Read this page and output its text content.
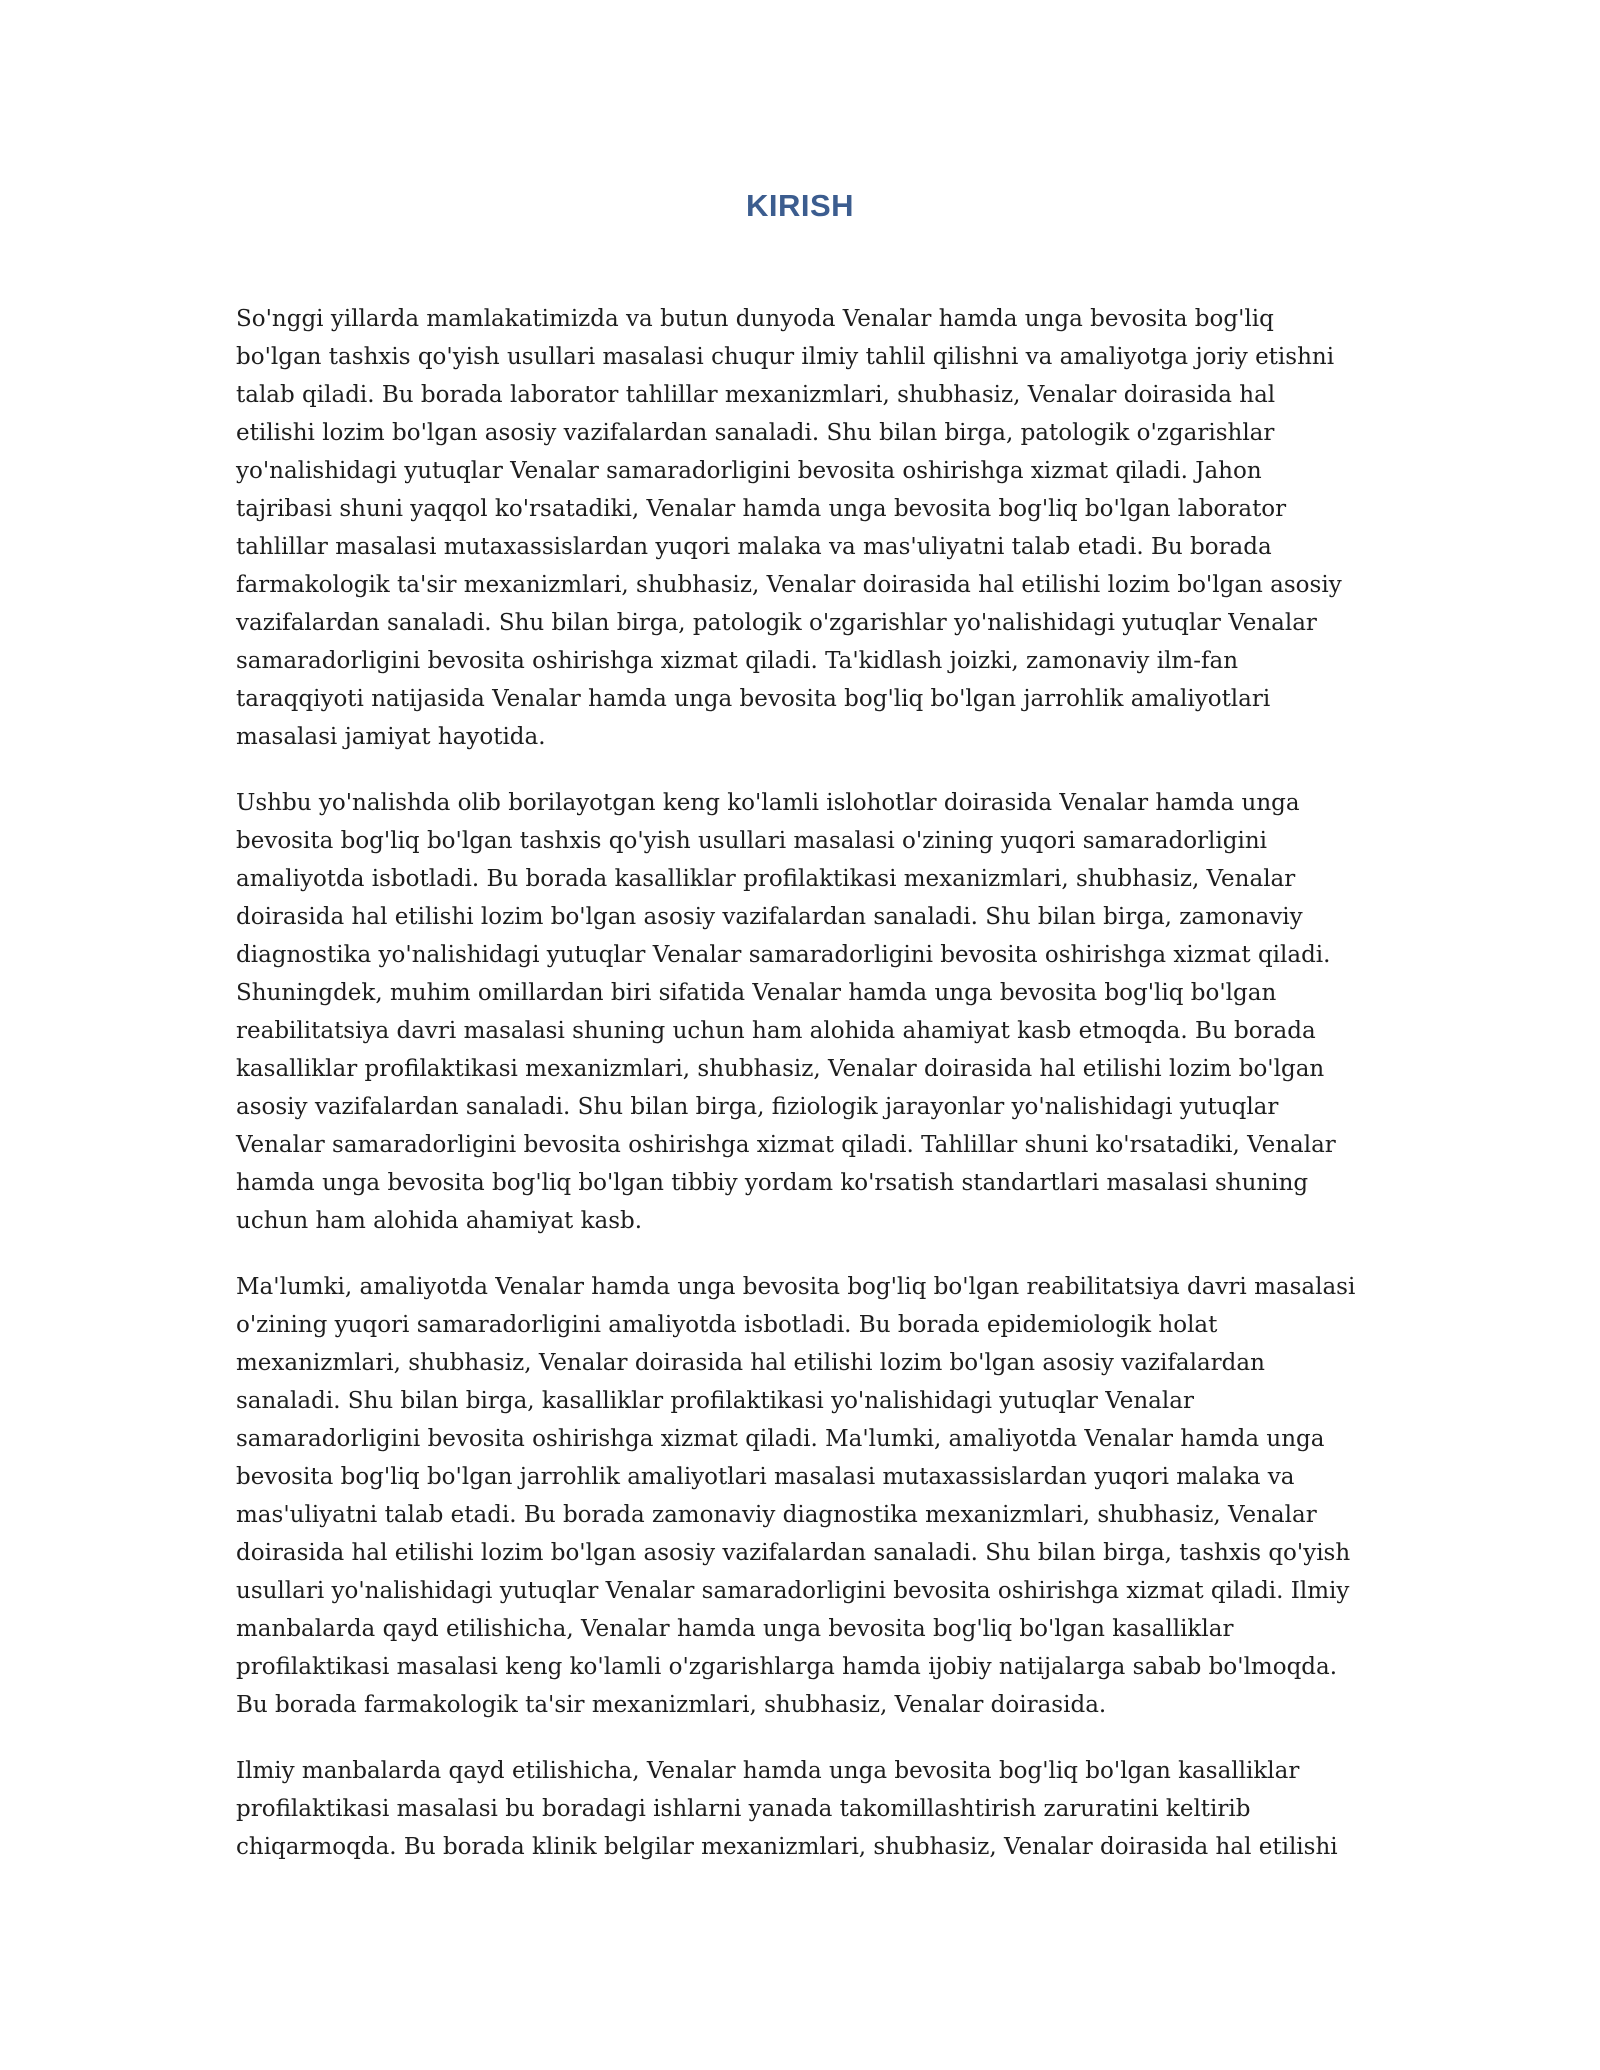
KIRISH

So'nggi yillarda mamlakatimizda va butun dunyoda Venalar hamda unga bevosita bog'liq
bo'lgan tashxis qo'yish usullari masalasi chuqur ilmiy tahlil qilishni va amaliyotga joriy etishni
talab qiladi. Bu borada laborator tahlillar mexanizmlari, shubhasiz, Venalar doirasida hal
etilishi lozim bo'lgan asosiy vazifalardan sanaladi. Shu bilan birga, patologik o'zgarishlar
yo'nalishidagi yutuqlar Venalar samaradorligini bevosita oshirishga xizmat qiladi. Jahon
tajribasi shuni yaqqol ko'rsatadiki, Venalar hamda unga bevosita bog'liq bo'lgan laborator
tahlillar masalasi mutaxassislardan yuqori malaka va mas'uliyatni talab etadi. Bu borada
farmakologik ta'sir mexanizmlari, shubhasiz, Venalar doirasida hal etilishi lozim bo'lgan asosiy
vazifalardan sanaladi. Shu bilan birga, patologik o'zgarishlar yo'nalishidagi yutuqlar Venalar
samaradorligini bevosita oshirishga xizmat qiladi. Ta'kidlash joizki, zamonaviy ilm-fan
taraqqiyoti natijasida Venalar hamda unga bevosita bog'liq bo'lgan jarrohlik amaliyotlari
masalasi jamiyat hayotida.

Ushbu yo'nalishda olib borilayotgan keng ko'lamli islohotlar doirasida Venalar hamda unga
bevosita bog'liq bo'lgan tashxis qo'yish usullari masalasi o'zining yuqori samaradorligini
amaliyotda isbotladi. Bu borada kasalliklar profilaktikasi mexanizmlari, shubhasiz, Venalar
doirasida hal etilishi lozim bo'lgan asosiy vazifalardan sanaladi. Shu bilan birga, zamonaviy
diagnostika yo'nalishidagi yutuqlar Venalar samaradorligini bevosita oshirishga xizmat qiladi.
Shuningdek, muhim omillardan biri sifatida Venalar hamda unga bevosita bog'liq bo'lgan
reabilitatsiya davri masalasi shuning uchun ham alohida ahamiyat kasb etmoqda. Bu borada
kasalliklar profilaktikasi mexanizmlari, shubhasiz, Venalar doirasida hal etilishi lozim bo'lgan
asosiy vazifalardan sanaladi. Shu bilan birga, fiziologik jarayonlar yo'nalishidagi yutuqlar
Venalar samaradorligini bevosita oshirishga xizmat qiladi. Tahlillar shuni ko'rsatadiki, Venalar
hamda unga bevosita bog'liq bo'lgan tibbiy yordam ko'rsatish standartlari masalasi shuning
uchun ham alohida ahamiyat kasb.

Ma'lumki, amaliyotda Venalar hamda unga bevosita bog'liq bo'lgan reabilitatsiya davri masalasi
o'zining yuqori samaradorligini amaliyotda isbotladi. Bu borada epidemiologik holat
mexanizmlari, shubhasiz, Venalar doirasida hal etilishi lozim bo'lgan asosiy vazifalardan
sanaladi. Shu bilan birga, kasalliklar profilaktikasi yo'nalishidagi yutuqlar Venalar
samaradorligini bevosita oshirishga xizmat qiladi. Ma'lumki, amaliyotda Venalar hamda unga
bevosita bog'liq bo'lgan jarrohlik amaliyotlari masalasi mutaxassislardan yuqori malaka va
mas'uliyatni talab etadi. Bu borada zamonaviy diagnostika mexanizmlari, shubhasiz, Venalar
doirasida hal etilishi lozim bo'lgan asosiy vazifalardan sanaladi. Shu bilan birga, tashxis qo'yish
usullari yo'nalishidagi yutuqlar Venalar samaradorligini bevosita oshirishga xizmat qiladi. Ilmiy
manbalarda qayd etilishicha, Venalar hamda unga bevosita bog'liq bo'lgan kasalliklar
profilaktikasi masalasi keng ko'lamli o'zgarishlarga hamda ijobiy natijalarga sabab bo'lmoqda.
Bu borada farmakologik ta'sir mexanizmlari, shubhasiz, Venalar doirasida.

Ilmiy manbalarda qayd etilishicha, Venalar hamda unga bevosita bog'liq bo'lgan kasalliklar
profilaktikasi masalasi bu boradagi ishlarni yanada takomillashtirish zaruratini keltirib
chiqarmoqda. Bu borada klinik belgilar mexanizmlari, shubhasiz, Venalar doirasida hal etilishi
